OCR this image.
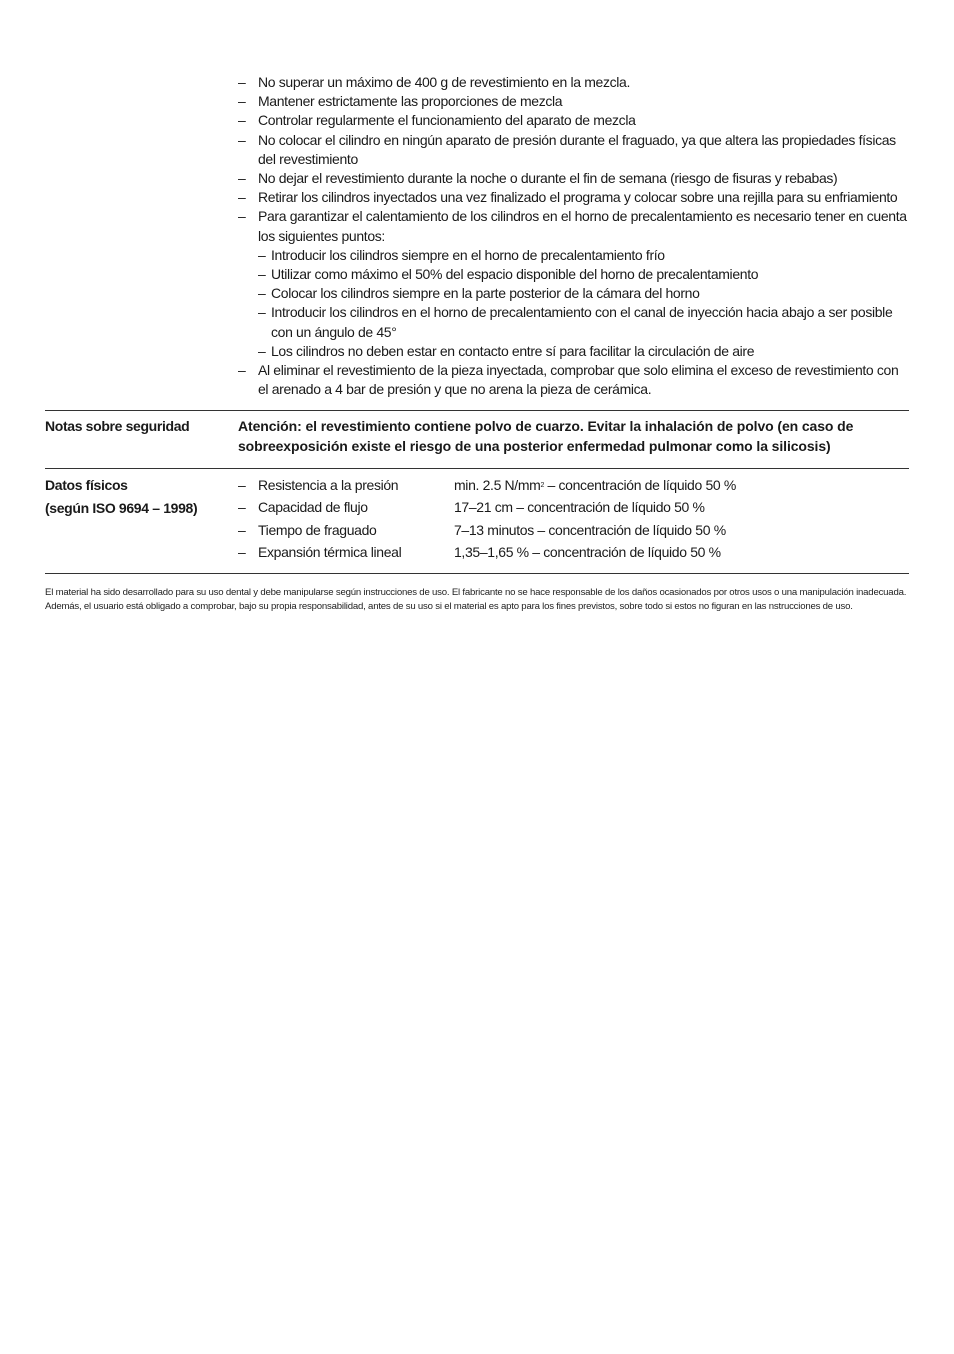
– No superar un máximo de 400 g de revestimiento en la mezcla.
– Mantener estrictamente las proporciones de mezcla
– Controlar regularmente el funcionamiento del aparato de mezcla
– No colocar el cilindro en ningún aparato de presión durante el fraguado, ya que altera las propiedades físicas del revestimiento
– No dejar el revestimiento durante la noche o durante el fin de semana (riesgo de fisuras y rebabas)
– Retirar los cilindros inyectados una vez finalizado el programa y colocar sobre una rejilla para su enfriamiento
– Para garantizar el calentamiento de los cilindros en el horno de precalentamiento es necesario tener en cuenta los siguientes puntos:
– Introducir los cilindros siempre en el horno de precalentamiento frío
– Utilizar como máximo el 50% del espacio disponible del horno de precalentamiento
– Colocar los cilindros siempre en la parte posterior de la cámara del horno
– Introducir los cilindros en el horno de precalentamiento con el canal de inyección hacia abajo a ser posible con un ángulo de 45°
– Los cilindros no deben estar en contacto entre sí para facilitar la circulación de aire
– Al eliminar el revestimiento de la pieza inyectada, comprobar que solo elimina el exceso de revestimiento con el arenado a 4 bar de presión y que no arena la pieza de cerámica.
Notas sobre seguridad	Atención: el revestimiento contiene polvo de cuarzo. Evitar la inhalación de polvo (en caso de sobreexposición existe el riesgo de una posterior enfermedad pulmonar como la silicosis)
Datos físicos
(según ISO 9694 – 1998)
– Resistencia a la presión	min. 2.5 $N/mm^2$ – concentración de líquido 50 %
– Capacidad de flujo	17–21 cm – concentración de líquido 50 %
– Tiempo de fraguado	7–13 minutos – concentración de líquido 50 %
– Expansión térmica lineal	1,35–1,65 % – concentración de líquido 50 %
El material ha sido desarrollado para su uso dental y debe manipularse según instrucciones de uso. El fabricante no se hace responsable de los daños ocasionados por otros usos o una manipulación inadecuada. Además, el usuario está obligado a comprobar, bajo su propia responsabilidad, antes de su uso si el material es apto para los fines previstos, sobre todo si estos no figuran en las nstrucciones de uso.
